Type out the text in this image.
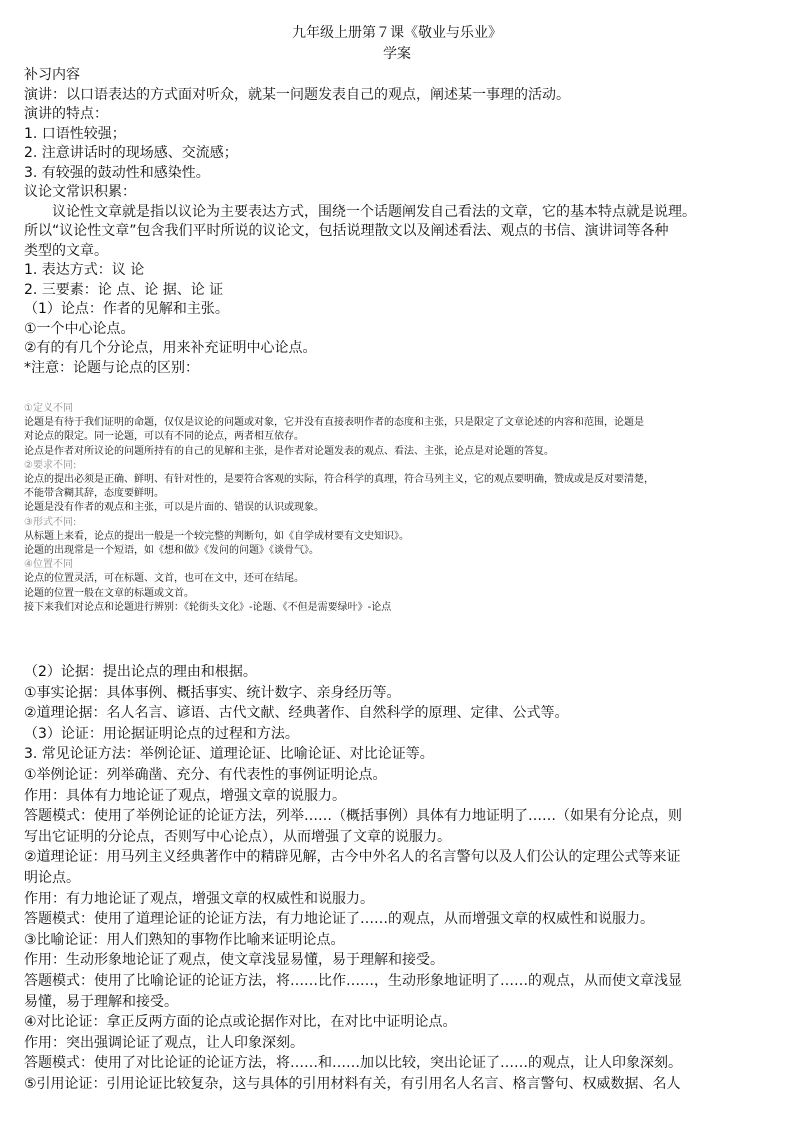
九年级上册第７课《敬业与乐业》
学案
补习内容
演讲：以口语表达的方式面对听众，就某一问题发表自己的观点，阐述某一事理的活动。
演讲的特点：
1. 口语性较强；
2. 注意讲话时的现场感、交流感；
3. 有较强的鼓动性和感染性。
议论文常识积累：
　　议论性文章就是指以议论为主要表达方式，围绕一个话题阐发自己看法的文章，它的基本特点就是说理。
所以“议论性文章”包含我们平时所说的议论文，包括说理散文以及阐述看法、观点的书信、演讲词等各种
类型的文章。
1. 表达方式：议 论
2. 三要素：论 点、论 据、论 证
（1）论点：作者的见解和主张。
①一个中心论点。
②有的有几个分论点，用来补充证明中心论点。
*注意：论题与论点的区别：
①定义不同
论题是有待于我们证明的命题，仅仅是议论的问题或对象，它并没有直接表明作者的态度和主张，只是限定了文章论述的内容和范围，论题是
对论点的限定。同一论题，可以有不同的论点，两者相互依存。
论点是作者对所议论的问题所持有的自己的见解和主张，是作者对论题发表的观点、看法、主张，论点是对论题的答复。
②要求不同:
论点的提出必须是正确、鲜明、有针对性的，是要符合客观的实际，符合科学的真理，符合马列主义，它的观点要明确，赞成或是反对要清楚，
不能带含糊其辞，态度要鲜明。
论题是没有作者的观点和主张，可以是片面的、错误的认识或现象。
③形式不同:
从标题上来看，论点的提出一般是一个较完整的判断句，如《自学成材要有文史知识》。
论题的出现常是一个短语，如《想和做》《发问的问题》《谈骨气》。
④位置不同
论点的位置灵活，可在标题、文首，也可在文中，还可在结尾。
论题的位置一般在文章的标题或文首。
接下来我们对论点和论题进行辨别：《轮街头文化》-论题、《不但是需要绿叶》-论点
（2）论据：提出论点的理由和根据。
①事实论据：具体事例、概括事实、统计数字、亲身经历等。
②道理论据：名人名言、谚语、古代文献、经典著作、自然科学的原理、定律、公式等。
（3）论证：用论据证明论点的过程和方法。
3. 常见论证方法：举例论证、道理论证、比喻论证、对比论证等。
①举例论证：列举确凿、充分、有代表性的事例证明论点。
作用：具体有力地论证了观点，增强文章的说服力。
答题模式：使用了举例论证的论证方法，列举……（概括事例）具体有力地证明了……（如果有分论点，则
写出它证明的分论点，否则写中心论点），从而增强了文章的说服力。
②道理论证：用马列主义经典著作中的精辟见解，古今中外名人的名言警句以及人们公认的定理公式等来证
明论点。
作用：有力地论证了观点，增强文章的权威性和说服力。
答题模式：使用了道理论证的论证方法，有力地论证了……的观点，从而增强文章的权威性和说服力。
③比喻论证：用人们熟知的事物作比喻来证明论点。
作用：生动形象地论证了观点，使文章浅显易懂，易于理解和接受。
答题模式：使用了比喻论证的论证方法，将……比作……，生动形象地证明了……的观点，从而使文章浅显
易懂，易于理解和接受。
④对比论证：拿正反两方面的论点或论据作对比，在对比中证明论点。
作用：突出强调论证了观点，让人印象深刻。
答题模式：使用了对比论证的论证方法，将……和……加以比较，突出论证了……的观点，让人印象深刻。
⑤引用论证：引用论证比较复杂，这与具体的引用材料有关，有引用名人名言、格言警句、权威数据、名人
